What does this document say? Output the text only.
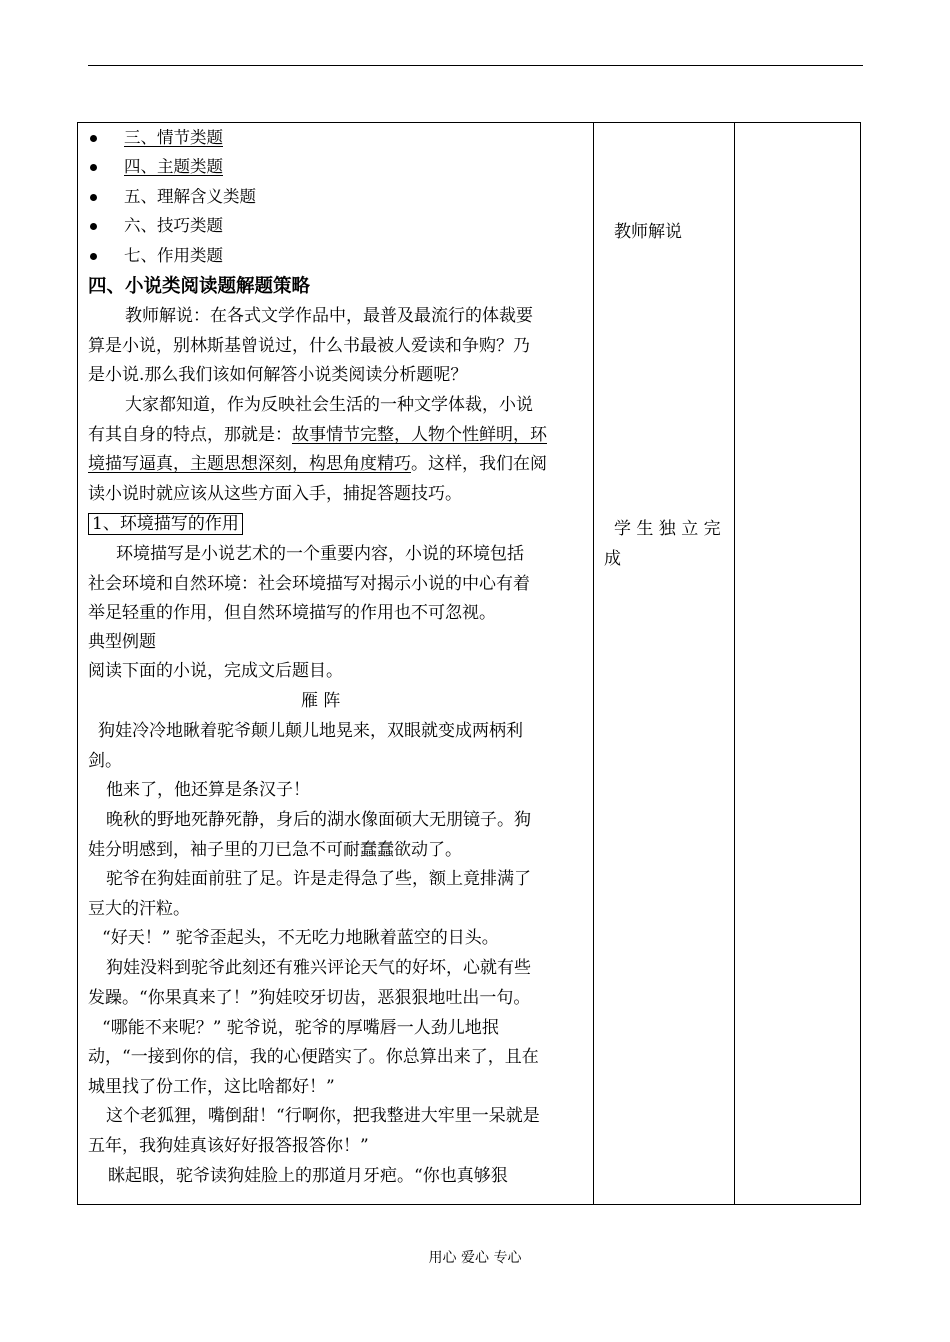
三、情节类题
四、主题类题
五、理解含义类题
六、技巧类题
七、作用类题
四、小说类阅读题解题策略
教师解说：在各式文学作品中，最普及最流行的体裁要
算是小说，别林斯基曾说过，什么书最被人爱读和争购？乃
是小说.那么我们该如何解答小说类阅读分析题呢？
大家都知道，作为反映社会生活的一种文学体裁，小说
有其自身的特点，那就是：故事情节完整，人物个性鲜明，环
境描写逼真，主题思想深刻，构思角度精巧。这样，我们在阅
读小说时就应该从这些方面入手，捕捉答题技巧。
1、环境描写的作用
环境描写是小说艺术的一个重要内容，小说的环境包括
社会环境和自然环境：社会环境描写对揭示小说的中心有着
举足轻重的作用，但自然环境描写的作用也不可忽视。
典型例题
阅读下面的小说，完成文后题目。
雁 阵
狗娃冷冷地瞅着驼爷颠儿颠儿地晃来，双眼就变成两柄利
剑。
他来了，他还算是条汉子！
晚秋的野地死静死静，身后的湖水像面硕大无朋镜子。狗
娃分明感到，袖子里的刀已急不可耐蠢蠢欲动了。
驼爷在狗娃面前驻了足。许是走得急了些，额上竟排满了
豆大的汗粒。
“好天！” 驼爷歪起头，不无吃力地瞅着蓝空的日头。
狗娃没料到驼爷此刻还有雅兴评论天气的好坏，心就有些
发躁。“你果真来了！”狗娃咬牙切齿，恶狠狠地吐出一句。
“哪能不来呢？” 驼爷说，驼爷的厚嘴唇一人劲儿地抿
动，“一接到你的信，我的心便踏实了。你总算出来了，且在
城里找了份工作，这比啥都好！”
这个老狐狸，嘴倒甜！“行啊你，把我整进大牢里一呆就是
五年，我狗娃真该好好报答报答你！”
眯起眼，驼爷读狗娃脸上的那道月牙疤。“你也真够狠
教师解说
学 生 独 立 完
成
用心 爱心 专心
